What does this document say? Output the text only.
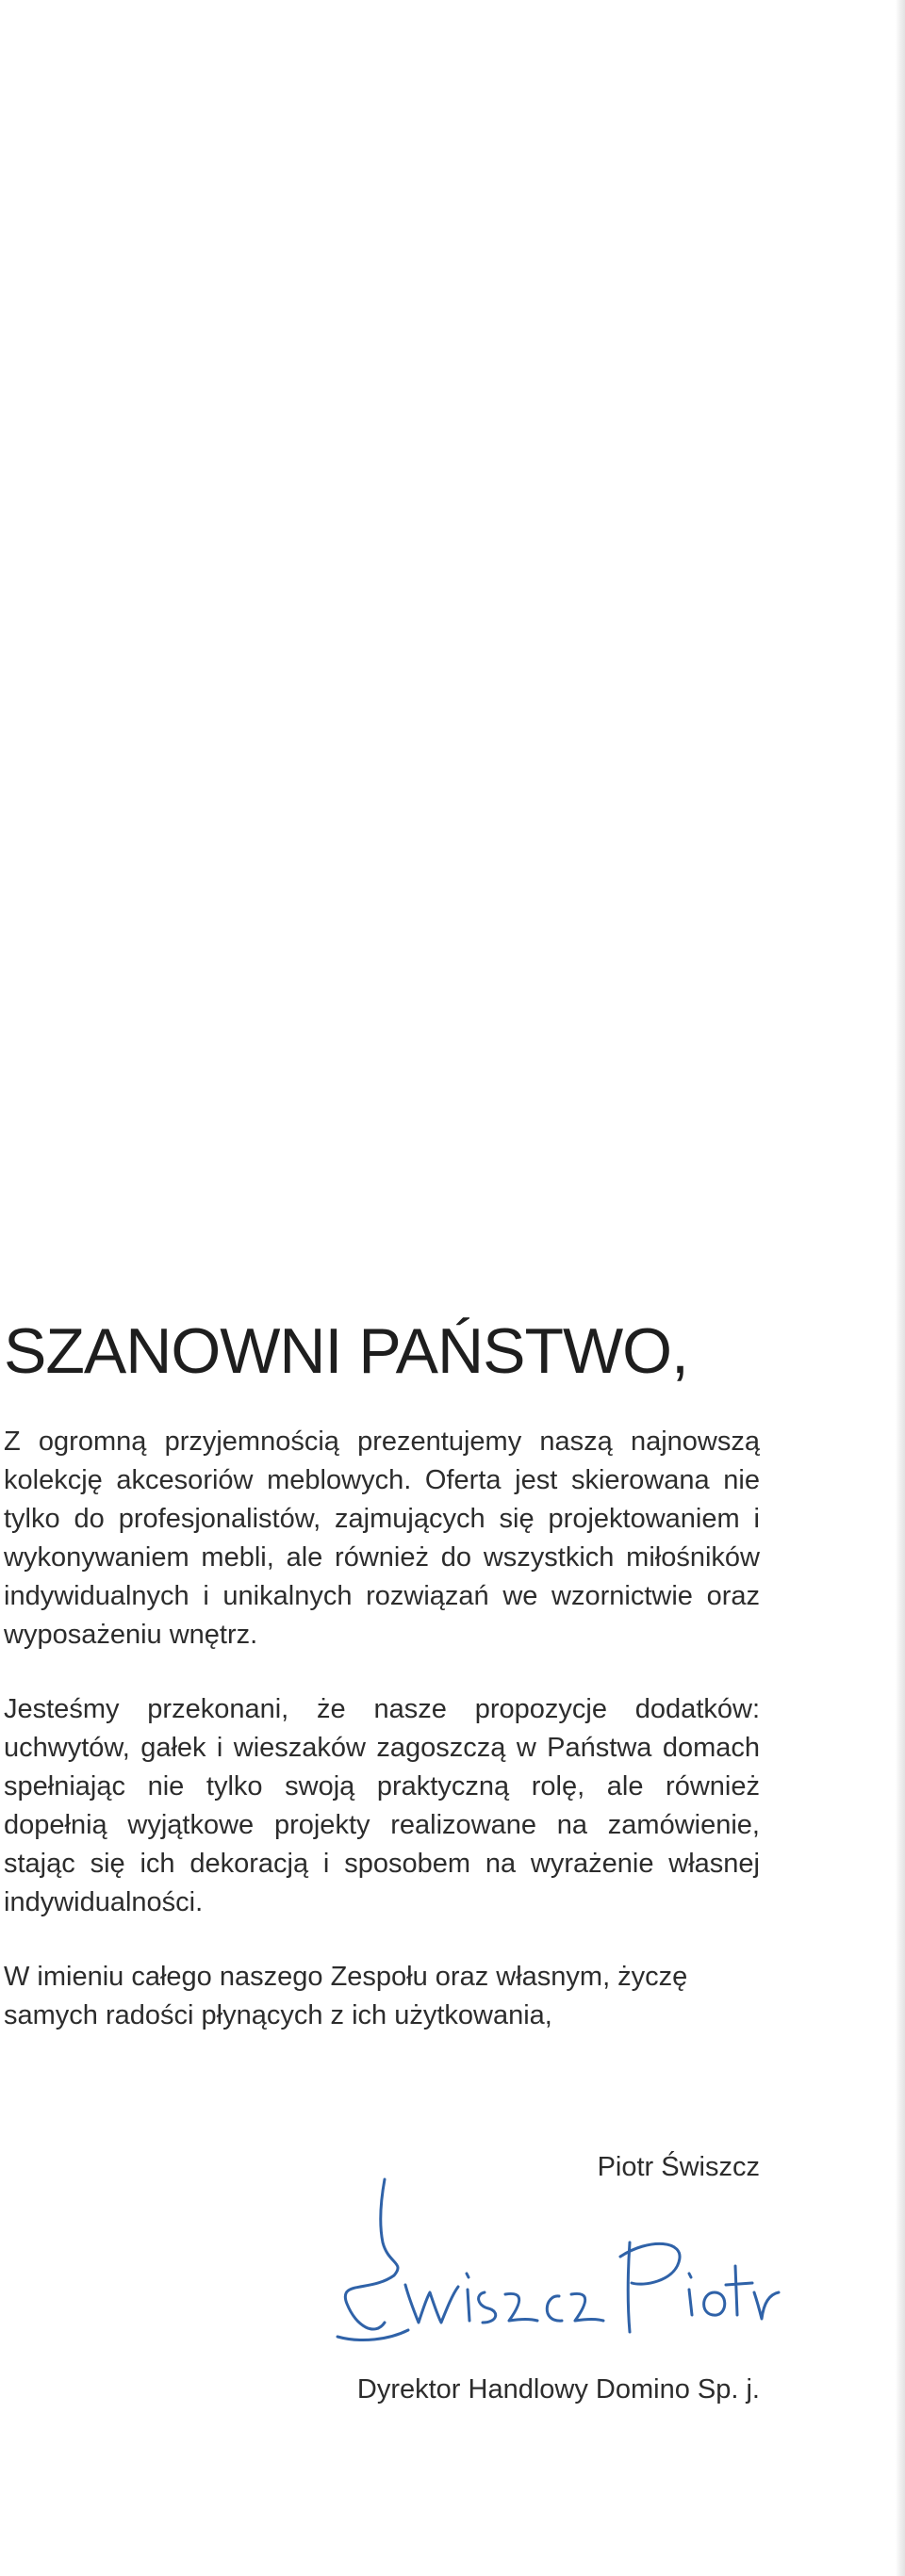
SZANOWNI PAŃSTWO,

Z ogromną przyjemnością prezentujemy naszą najnowszą kolekcję akcesoriów meblowych. Oferta jest skierowana nie tylko do profesjonalistów, zajmujących się projektowaniem i wykonywaniem mebli, ale również do wszystkich miłośników indywidualnych i unikalnych rozwiązań we wzornictwie oraz wyposażeniu wnętrz.

Jesteśmy przekonani, że nasze propozycje dodatków: uchwytów, gałek i wieszaków zagoszczą w Państwa domach spełniając nie tylko swoją praktyczną rolę, ale również dopełnią wyjątkowe projekty realizowane na zamówienie, stając się ich dekoracją i sposobem na wyrażenie własnej indywidualności.

W imieniu całego naszego Zespołu oraz własnym, życzę samych radości płynących z ich użytkowania,

Piotr Świszcz
Dyrektor Handlowy Domino Sp. j.
